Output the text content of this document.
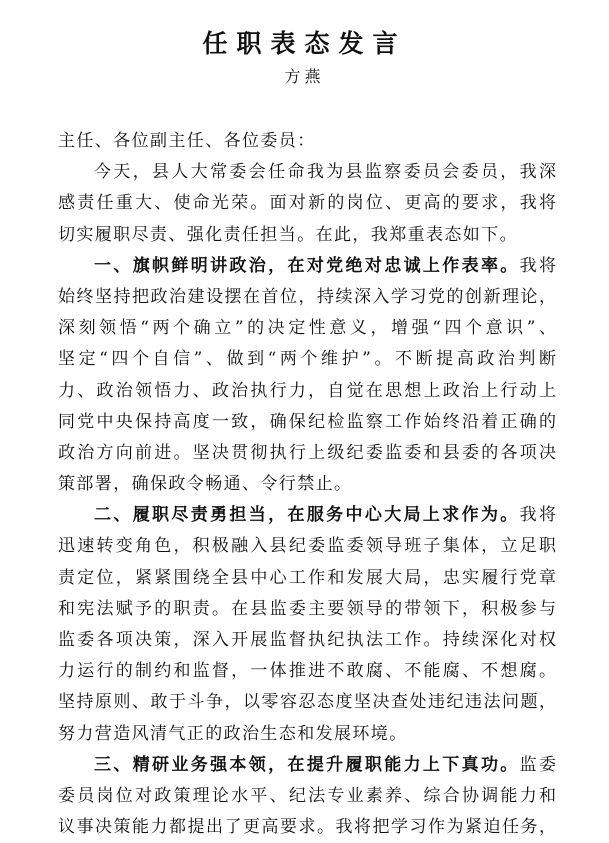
任职表态发言
方燕
主任、各位副主任、各位委员：
今天，县人大常委会任命我为县监察委员会委员，我深
感责任重大、使命光荣。面对新的岗位、更高的要求，我将
切实履职尽责、强化责任担当。在此，我郑重表态如下。
一、旗帜鲜明讲政治，在对党绝对忠诚上作表率。我将
始终坚持把政治建设摆在首位，持续深入学习党的创新理论，
深刻领悟“两个确立”的决定性意义，增强“四个意识”、
坚定“四个自信”、做到“两个维护”。不断提高政治判断
力、政治领悟力、政治执行力，自觉在思想上政治上行动上
同党中央保持高度一致，确保纪检监察工作始终沿着正确的
政治方向前进。坚决贯彻执行上级纪委监委和县委的各项决
策部署，确保政令畅通、令行禁止。
二、履职尽责勇担当，在服务中心大局上求作为。我将
迅速转变角色，积极融入县纪委监委领导班子集体，立足职
责定位，紧紧围绕全县中心工作和发展大局，忠实履行党章
和宪法赋予的职责。在县监委主要领导的带领下，积极参与
监委各项决策，深入开展监督执纪执法工作。持续深化对权
力运行的制约和监督，一体推进不敢腐、不能腐、不想腐。
坚持原则、敢于斗争，以零容忍态度坚决查处违纪违法问题，
努力营造风清气正的政治生态和发展环境。
三、精研业务强本领，在提升履职能力上下真功。监委
委员岗位对政策理论水平、纪法专业素养、综合协调能力和
议事决策能力都提出了更高要求。我将把学习作为紧迫任务，
